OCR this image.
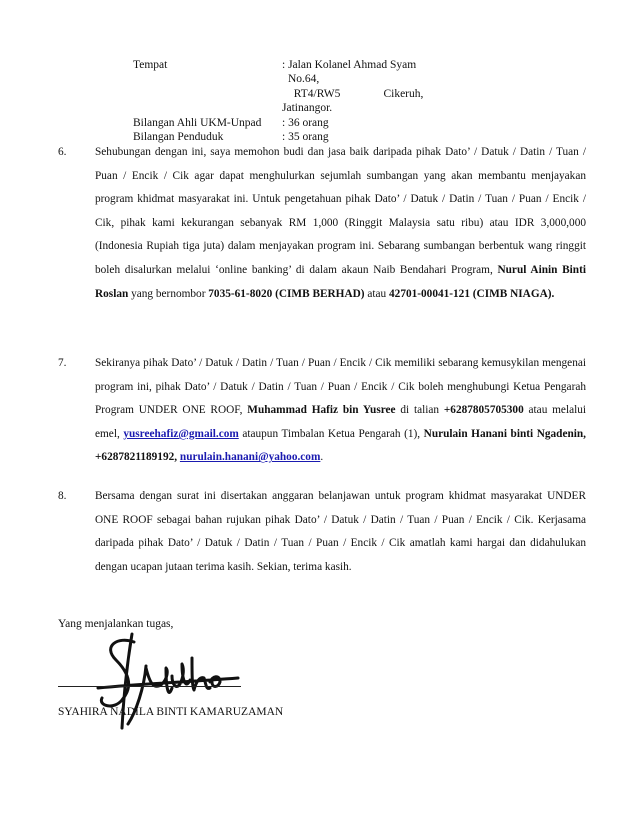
Tempat	: Jalan Kolanel Ahmad Syam
No.64,
RT4/RW5               Cikeruh,
Jatinangor.
Bilangan Ahli UKM-Unpad	: 36 orang
Bilangan Penduduk	: 35 orang
6.	Sehubungan dengan ini, saya memohon budi dan jasa baik daripada pihak Dato’ / Datuk / Datin / Tuan / Puan / Encik / Cik agar dapat menghulurkan sejumlah sumbangan yang akan membantu menjayakan program khidmat masyarakat ini. Untuk pengetahuan pihak Dato’ / Datuk / Datin / Tuan / Puan / Encik / Cik, pihak kami kekurangan sebanyak RM 1,000 (Ringgit Malaysia satu ribu) atau IDR 3,000,000 (Indonesia Rupiah tiga juta) dalam menjayakan program ini. Sebarang sumbangan berbentuk wang ringgit boleh disalurkan melalui ‘online banking’ di dalam akaun Naib Bendahari Program, Nurul Ainin Binti Roslan yang bernombor 7035-61-8020 (CIMB BERHAD) atau 42701-00041-121 (CIMB NIAGA).
7.	Sekiranya pihak Dato’ / Datuk / Datin / Tuan / Puan / Encik / Cik memiliki sebarang kemusykilan mengenai program ini, pihak Dato’ / Datuk / Datin / Tuan / Puan / Encik / Cik boleh menghubungi Ketua Pengarah Program UNDER ONE ROOF, Muhammad Hafiz bin Yusree di talian +6287805705300 atau melalui emel, yusreehafiz@gmail.com ataupun Timbalan Ketua Pengarah (1), Nurulain Hanani binti Ngadenin, +6287821189192, nurulain.hanani@yahoo.com.
8.	Bersama dengan surat ini disertakan anggaran belanjawan untuk program khidmat masyarakat UNDER ONE ROOF sebagai bahan rujukan pihak Dato’ / Datuk / Datin / Tuan / Puan / Encik / Cik. Kerjasama daripada pihak Dato’ / Datuk / Datin / Tuan / Puan / Encik / Cik amatlah kami hargai dan didahulukan dengan ucapan jutaan terima kasih. Sekian, terima kasih.
Yang menjalankan tugas,
SYAHIRA NADILA BINTI KAMARUZAMAN
